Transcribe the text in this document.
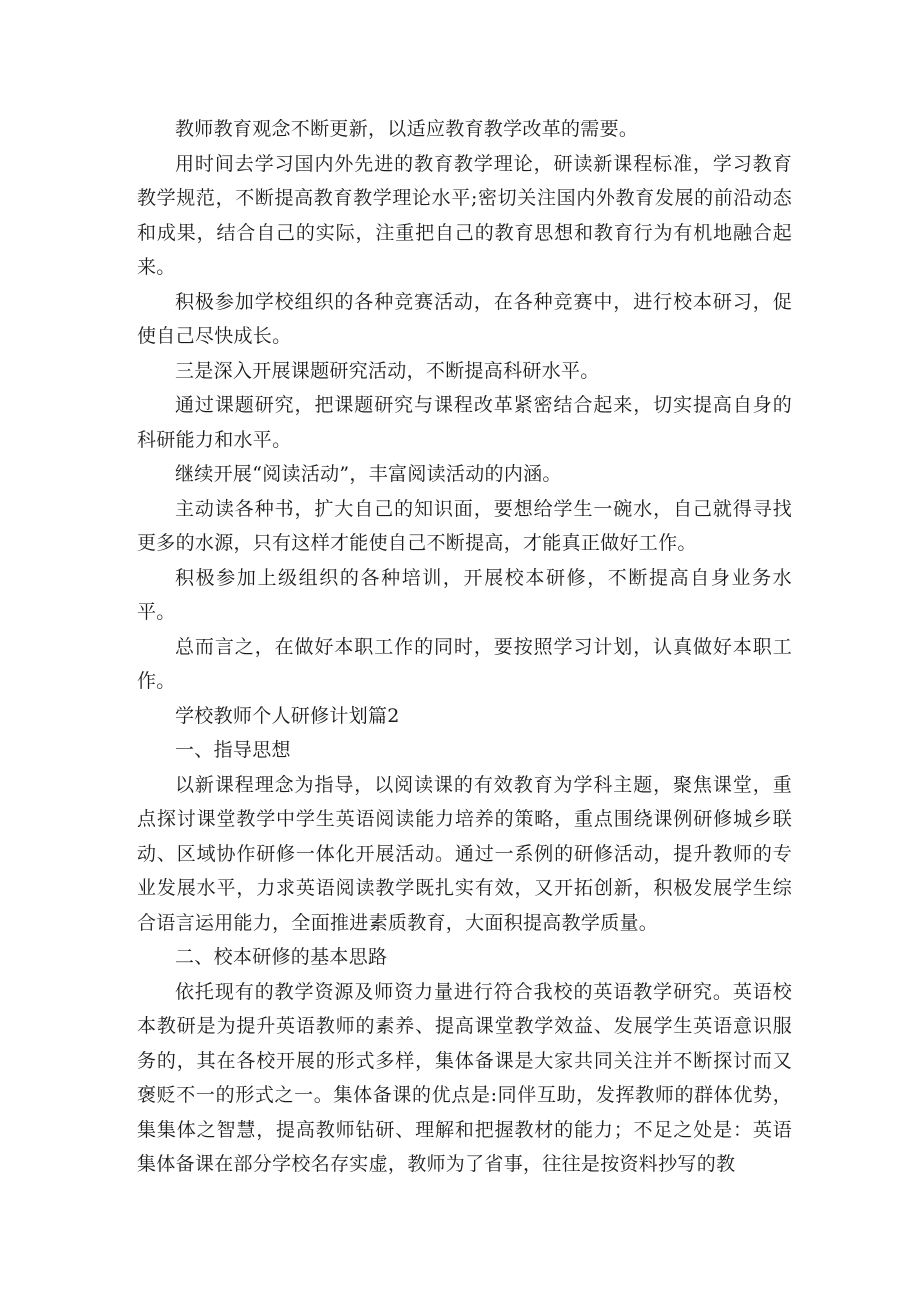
教师教育观念不断更新，以适应教育教学改革的需要。

用时间去学习国内外先进的教育教学理论，研读新课程标准，学习教育教学规范，不断提高教育教学理论水平;密切关注国内外教育发展的前沿动态和成果，结合自己的实际，注重把自己的教育思想和教育行为有机地融合起来。

积极参加学校组织的各种竞赛活动，在各种竞赛中，进行校本研习，促使自己尽快成长。

三是深入开展课题研究活动，不断提高科研水平。

通过课题研究，把课题研究与课程改革紧密结合起来，切实提高自身的科研能力和水平。

继续开展“阅读活动”，丰富阅读活动的内涵。

主动读各种书，扩大自己的知识面，要想给学生一碗水，自己就得寻找更多的水源，只有这样才能使自己不断提高，才能真正做好工作。

积极参加上级组织的各种培训，开展校本研修，不断提高自身业务水平。

总而言之，在做好本职工作的同时，要按照学习计划，认真做好本职工作。

学校教师个人研修计划篇2

一、指导思想

以新课程理念为指导，以阅读课的有效教育为学科主题，聚焦课堂，重点探讨课堂教学中学生英语阅读能力培养的策略，重点围绕课例研修城乡联动、区域协作研修一体化开展活动。通过一系例的研修活动，提升教师的专业发展水平，力求英语阅读教学既扎实有效，又开拓创新，积极发展学生综合语言运用能力，全面推进素质教育，大面积提高教学质量。

二、校本研修的基本思路

依托现有的教学资源及师资力量进行符合我校的英语教学研究。英语校本教研是为提升英语教师的素养、提高课堂教学效益、发展学生英语意识服务的，其在各校开展的形式多样，集体备课是大家共同关注并不断探讨而又褒贬不一的形式之一。集体备课的优点是:同伴互助，发挥教师的群体优势，集集体之智慧，提高教师钻研、理解和把握教材的能力；不足之处是：英语集体备课在部分学校名存实虚，教师为了省事，往往是按资料抄写的教
